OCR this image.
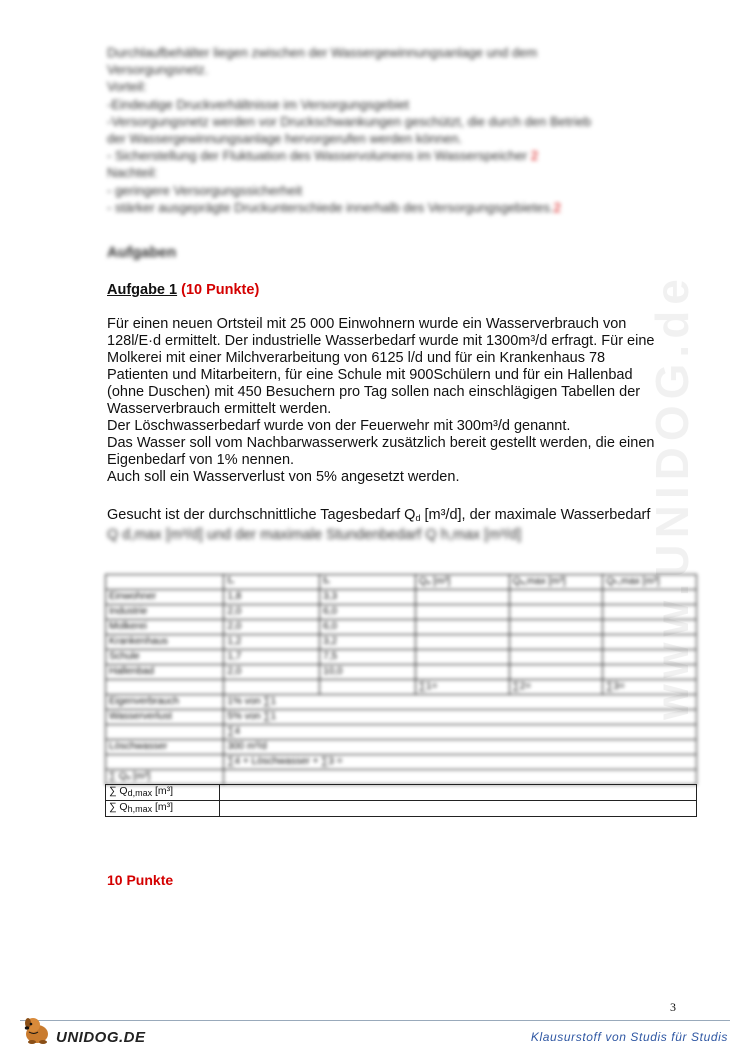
www.UNIDOG.de
Durchlaufbehälter liegen zwischen der Wassergewinnungsanlage und dem
Versorgungsnetz.
Vorteil:
-Eindeutige Druckverhältnisse im Versorgungsgebiet
-Versorgungsnetz werden vor Druckschwankungen geschützt, die durch den Betrieb
der Wassergewinnungsanlage hervorgerufen werden können.
- Sicherstellung der Fluktuation des Wasservolumens im Wasserspeicher 2
Nachteil:
- geringere Versorgungssicherheit
- stärker ausgeprägte Druckunterschiede innerhalb des Versorgungsgebietes.2
Aufgaben
Aufgabe 1 (10 Punkte)
Für einen neuen Ortsteil mit 25 000 Einwohnern wurde ein Wasserverbrauch von
128l/E·d ermittelt. Der industrielle Wasserbedarf wurde mit 1300m³/d erfragt. Für eine
Molkerei mit einer Milchverarbeitung von 6125 l/d und für ein Krankenhaus 78
Patienten und Mitarbeitern, für eine Schule mit 900Schülern und für ein Hallenbad
(ohne Duschen) mit 450 Besuchern pro Tag sollen nach einschlägigen Tabellen der
Wasserverbrauch ermittelt werden.
Der Löschwasserbedarf wurde von der Feuerwehr mit 300m³/d genannt.
Das Wasser soll vom Nachbarwasserwerk zusätzlich bereit gestellt werden, die einen
Eigenbedarf von 1% nennen.
Auch soll ein Wasserverlust von 5% angesetzt werden.
Gesucht ist der durchschnittliche Tagesbedarf $Q_d$ [m³/d], der maximale Wasserbedarf
Q d,max [m³/d] und der maximale Stundenbedarf Q h,max [m³/d]
	fₙ	fₕ	Qₐ [m³]	Qₐ,max [m³]	Qₕ,max [m³]
Einwohner	1,8	3,3			
Industrie	2,0	6,0			
Molkerei	2,0	6,0			
Krankenhaus	1,2	3,2			
Schule	1,7	7,5			
Hallenbad	2,0	10,0			
			∑1=	∑2=	∑3=
Eigenverbrauch	1% von ∑1				
Wasserverlust	5% von ∑1				
	∑4				
Löschwasser	300 m³/d				
	∑4 + Löschwasser + ∑3 =				
∑ Qₐ [m³]					
∑ $Q_{d,max}$ [m³]	
∑ $Q_{h,max}$ [m³]	
10 Punkte
3
UNIDOG.DE	Klausurstoff von Studis für Studis
